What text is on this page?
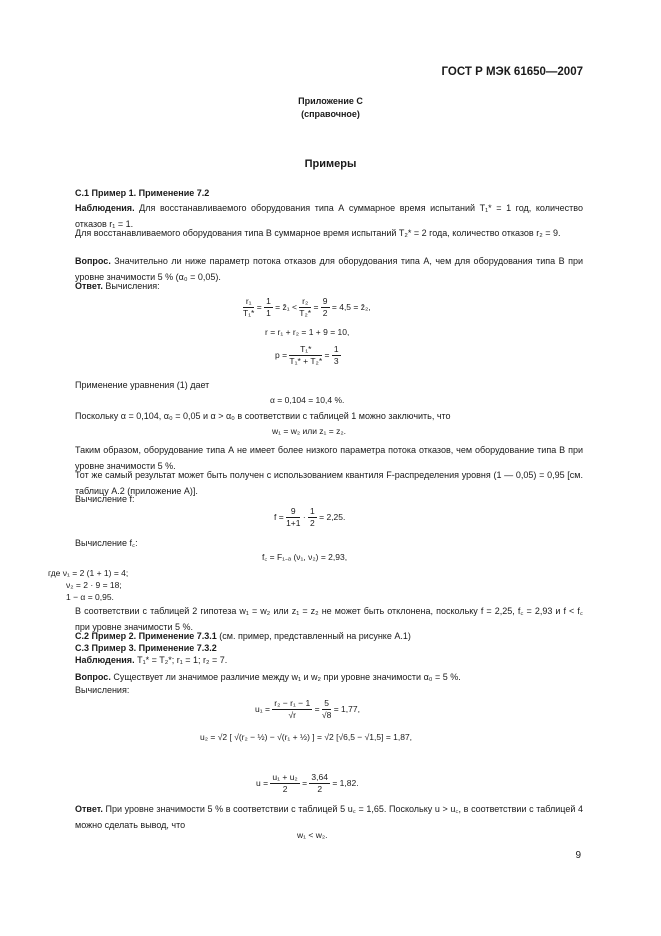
ГОСТ Р МЭК 61650—2007
Приложение С
(справочное)
Примеры
С.1 Пример 1. Применение 7.2
Наблюдения. Для восстанавливаемого оборудования типа А суммарное время испытаний T₁* = 1 год, количество отказов r₁ = 1.
Для восстанавливаемого оборудования типа В суммарное время испытаний T₂* = 2 года, количество отказов r₂ = 9.
Вопрос. Значительно ли ниже параметр потока отказов для оборудования типа А, чем для оборудования типа В при уровне значимости 5 % (α₀ = 0,05).
Ответ. Вычисления:
$\frac{\text{r₁}}{\text{T₁*}} = \frac{1}{1}$ = ẑ₁ < $\frac{\text{r₂}}{\text{T₂*}} = \frac{9}{2} = 4,5$ = ẑ₂,
r = r₁ + r₂ = 1 + 9 = 10,
$p = \frac{\text{T₁*}}{\text{T₁* + T₂*}} = \frac{1}{3}$
Применение уравнения (1) дает
α = 0,104 = 10,4 %.
Поскольку α = 0,104, α₀ = 0,05 и α > α₀ в соответствии с таблицей 1 можно заключить, что
w₁ = w₂ или z₁ = z₂.
Таким образом, оборудование типа А не имеет более низкого параметра потока отказов, чем оборудование типа В при уровне значимости 5 %.
Тот же самый результат может быть получен с использованием квантиля F-распределения уровня (1 — 0,05) = 0,95 [см. таблицу А.2 (приложение А)].
Вычисление f:
$f = \frac{9}{1+1} \cdot \frac{1}{2} = 2,25$.
Вычисление f꜀:
f꜀ = F₁₋ₐ (ν₁, ν₂) = 2,93,
где ν₁ = 2 (1 + 1) = 4;
ν₂ = 2 · 9 = 18;
1 − α = 0,95.
В соответствии с таблицей 2 гипотеза w₁ = w₂ или z₁ = z₂ не может быть отклонена, поскольку f = 2,25, f꜀ = 2,93 и f < f꜀ при уровне значимости 5 %.
С.2 Пример 2. Применение 7.3.1 (см. пример, представленный на рисунке А.1)
С.3 Пример 3. Применение 7.3.2
Наблюдения. T₁* = T₂*; r₁ = 1; r₂ = 7.
Вопрос. Существует ли значимое различие между w₁ и w₂ при уровне значимости α₀ = 5 %.
Вычисления:
$u_1 = \frac{\text{r₂ − r₁ − 1}}{√r} = \frac{5}{√8} = 1,77$,
u₂ = √2 [ √(r₂ − ½) − √(r₁ + ½) ] = √2 [√6,5 − √1,5] = 1,87,
$u = \frac{\text{u₁ + u₂}}{2} = \frac{3,64}{2} = 1,82$.
Ответ. При уровне значимости 5 % в соответствии с таблицей 5 u꜀ = 1,65. Поскольку u > u꜀, в соответствии с таблицей 4 можно сделать вывод, что
w₁ < w₂.
9
